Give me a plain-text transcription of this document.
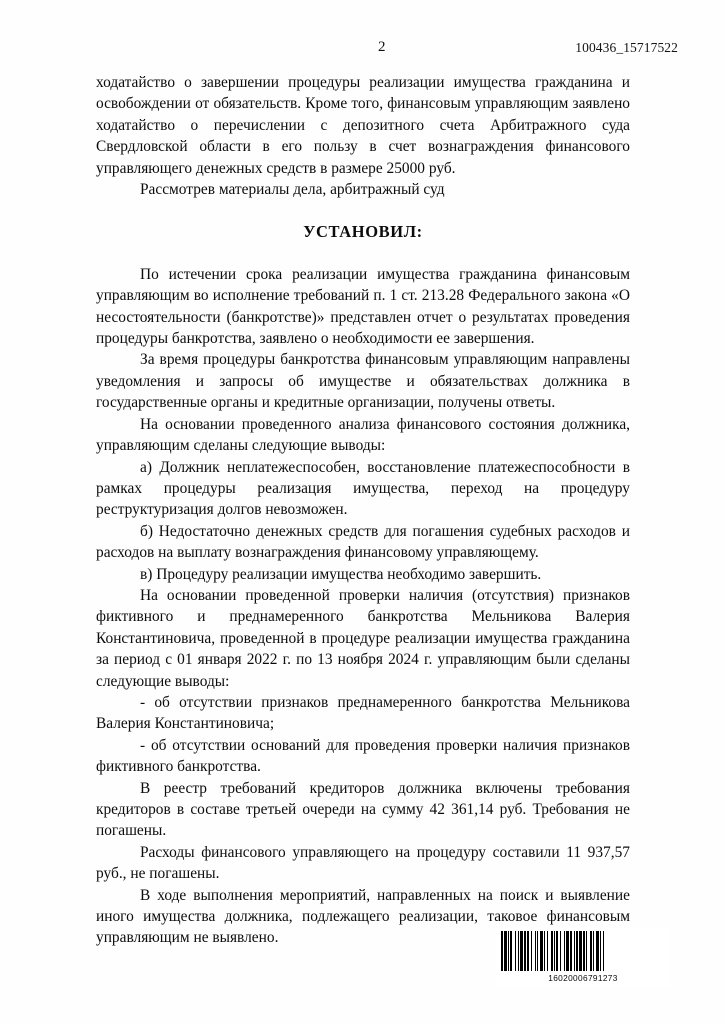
2	100436_15717522

ходатайство о завершении процедуры реализации имущества гражданина и освобождении от обязательств. Кроме того, финансовым управляющим заявлено ходатайство о перечислении с депозитного счета Арбитражного суда Свердловской области в его пользу в счет вознаграждения финансового управляющего денежных средств в размере 25000 руб.

Рассмотрев материалы дела, арбитражный суд

УСТАНОВИЛ:

По истечении срока реализации имущества гражданина финансовым управляющим во исполнение требований п. 1 ст. 213.28 Федерального закона «О несостоятельности (банкротстве)» представлен отчет о результатах проведения процедуры банкротства, заявлено о необходимости ее завершения.

За время процедуры банкротства финансовым управляющим направлены уведомления и запросы об имуществе и обязательствах должника в государственные органы и кредитные организации, получены ответы.

На основании проведенного анализа финансового состояния должника, управляющим сделаны следующие выводы:

а) Должник неплатежеспособен, восстановление платежеспособности в рамках процедуры реализация имущества, переход на процедуру реструктуризация долгов невозможен.

б) Недостаточно денежных средств для погашения судебных расходов и расходов на выплату вознаграждения финансовому управляющему.

в) Процедуру реализации имущества необходимо завершить.

На основании проведенной проверки наличия (отсутствия) признаков фиктивного и преднамеренного банкротства Мельникова Валерия Константиновича, проведенной в процедуре реализации имущества гражданина за период с 01 января 2022 г. по 13 ноября 2024 г. управляющим были сделаны следующие выводы:

- об отсутствии признаков преднамеренного банкротства Мельникова Валерия Константиновича;

- об отсутствии оснований для проведения проверки наличия признаков фиктивного банкротства.

В реестр требований кредиторов должника включены требования кредиторов в составе третьей очереди на сумму 42 361,14 руб. Требования не погашены.

Расходы финансового управляющего на процедуру составили 11 937,57 руб., не погашены.

В ходе выполнения мероприятий, направленных на поиск и выявление иного имущества должника, подлежащего реализации, таковое финансовым управляющим не выявлено.

16020006791273
